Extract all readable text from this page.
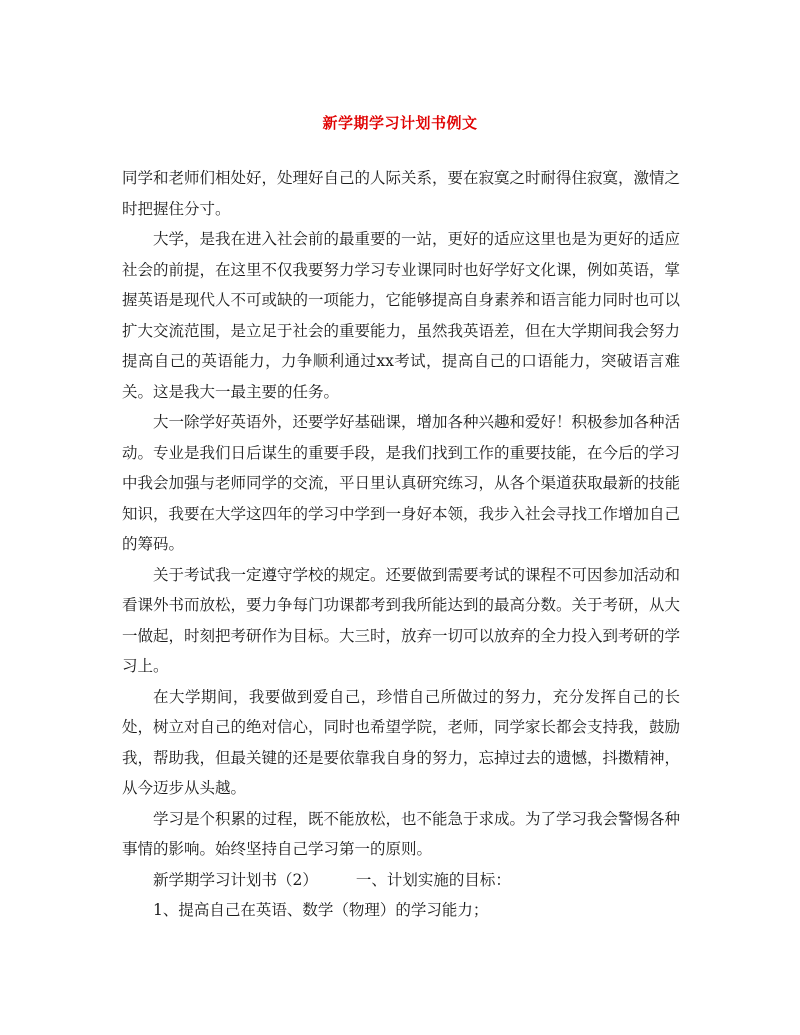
新学期学习计划书例文

同学和老师们相处好，处理好自己的人际关系，要在寂寞之时耐得住寂寞，激情之时把握住分寸。

大学，是我在进入社会前的最重要的一站，更好的适应这里也是为更好的适应社会的前提，在这里不仅我要努力学习专业课同时也好学好文化课，例如英语，掌握英语是现代人不可或缺的一项能力，它能够提高自身素养和语言能力同时也可以扩大交流范围，是立足于社会的重要能力，虽然我英语差，但在大学期间我会努力提高自己的英语能力，力争顺利通过xx考试，提高自己的口语能力，突破语言难关。这是我大一最主要的任务。

大一除学好英语外，还要学好基础课，增加各种兴趣和爱好！积极参加各种活动。专业是我们日后谋生的重要手段，是我们找到工作的重要技能，在今后的学习中我会加强与老师同学的交流，平日里认真研究练习，从各个渠道获取最新的技能知识，我要在大学这四年的学习中学到一身好本领，我步入社会寻找工作增加自己的筹码。

关于考试我一定遵守学校的规定。还要做到需要考试的课程不可因参加活动和看课外书而放松，要力争每门功课都考到我所能达到的最高分数。关于考研，从大一做起，时刻把考研作为目标。大三时，放弃一切可以放弃的全力投入到考研的学习上。

在大学期间，我要做到爱自己，珍惜自己所做过的努力，充分发挥自己的长处，树立对自己的绝对信心，同时也希望学院，老师，同学家长都会支持我，鼓励我，帮助我，但最关键的还是要依靠我自身的努力，忘掉过去的遗憾，抖擞精神，从今迈步从头越。

学习是个积累的过程，既不能放松，也不能急于求成。为了学习我会警惕各种事情的影响。始终坚持自己学习第一的原则。

新学期学习计划书（2） 一、计划实施的目标：

1、提高自己在英语、数学（物理）的学习能力；
